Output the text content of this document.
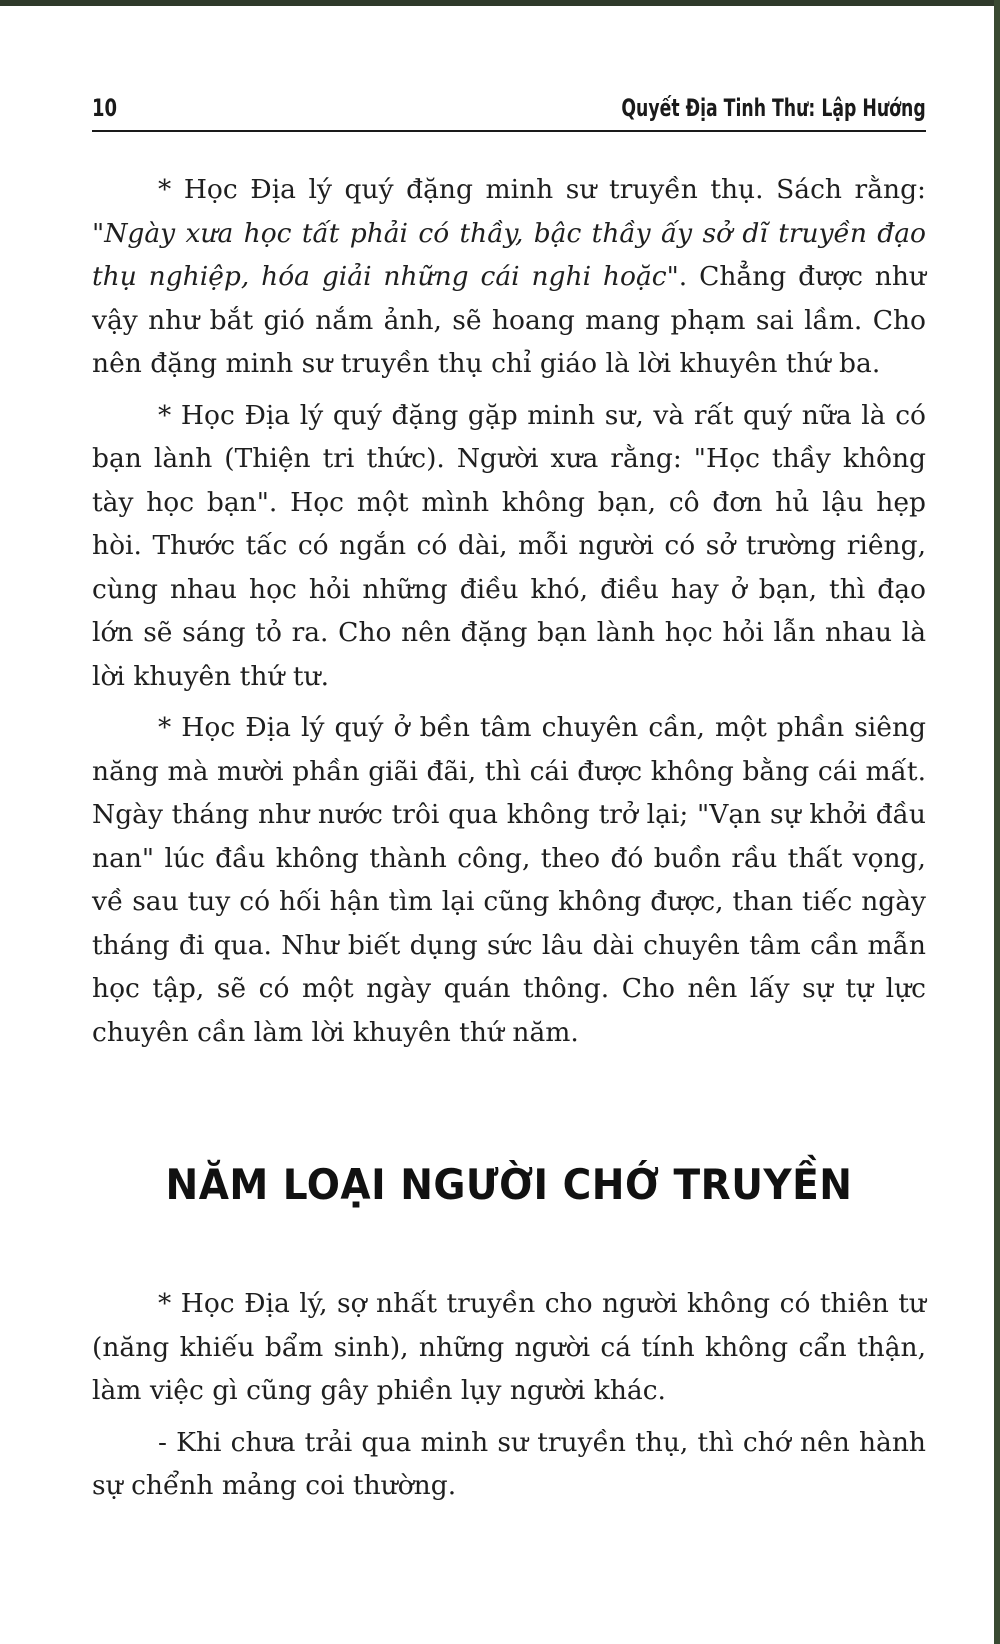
10	Quyết Địa Tinh Thư: Lập Hướng

* Học Địa lý quý đặng minh sư truyền thụ. Sách rằng: "Ngày xưa học tất phải có thầy, bậc thầy ấy sở dĩ truyền đạo thụ nghiệp, hóa giải những cái nghi hoặc". Chẳng được như vậy như bắt gió nắm ảnh, sẽ hoang mang phạm sai lầm. Cho nên đặng minh sư truyền thụ chỉ giáo là lời khuyên thứ ba.

* Học Địa lý quý đặng gặp minh sư, và rất quý nữa là có bạn lành (Thiện tri thức). Người xưa rằng: "Học thầy không tày học bạn". Học một mình không bạn, cô đơn hủ lậu hẹp hòi. Thước tấc có ngắn có dài, mỗi người có sở trường riêng, cùng nhau học hỏi những điều khó, điều hay ở bạn, thì đạo lớn sẽ sáng tỏ ra. Cho nên đặng bạn lành học hỏi lẫn nhau là lời khuyên thứ tư.

* Học Địa lý quý ở bền tâm chuyên cần, một phần siêng năng mà mười phần giãi đãi, thì cái được không bằng cái mất. Ngày tháng như nước trôi qua không trở lại; "Vạn sự khởi đầu nan" lúc đầu không thành công, theo đó buồn rầu thất vọng, về sau tuy có hối hận tìm lại cũng không được, than tiếc ngày tháng đi qua. Như biết dụng sức lâu dài chuyên tâm cần mẫn học tập, sẽ có một ngày quán thông. Cho nên lấy sự tự lực chuyên cần làm lời khuyên thứ năm.

NĂM LOẠI NGƯỜI CHỚ TRUYỀN

* Học Địa lý, sợ nhất truyền cho người không có thiên tư (năng khiếu bẩm sinh), những người cá tính không cẩn thận, làm việc gì cũng gây phiền lụy người khác.

- Khi chưa trải qua minh sư truyền thụ, thì chớ nên hành sự chểnh mảng coi thường.
